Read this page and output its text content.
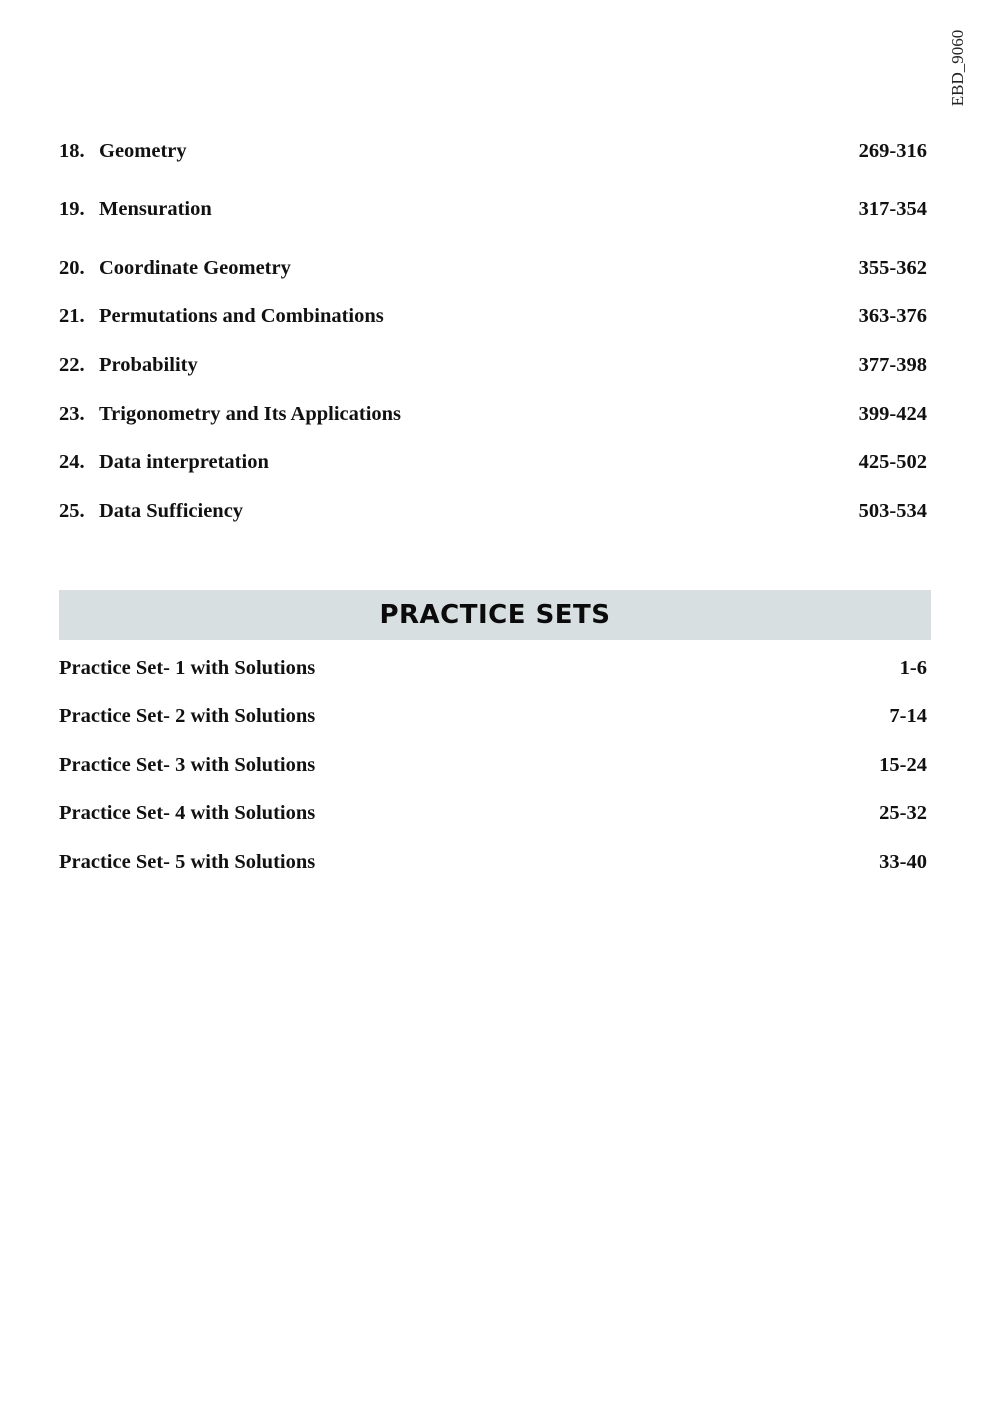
EBD_9060
18. Geometry	269-316
19. Mensuration	317-354
20. Coordinate Geometry	355-362
21. Permutations and Combinations	363-376
22. Probability	377-398
23. Trigonometry and Its Applications	399-424
24. Data interpretation	425-502
25. Data Sufficiency	503-534
PRACTICE SETS
Practice Set- 1 with Solutions	1-6
Practice Set- 2 with Solutions	7-14
Practice Set- 3 with Solutions	15-24
Practice Set- 4 with Solutions	25-32
Practice Set- 5 with Solutions	33-40
